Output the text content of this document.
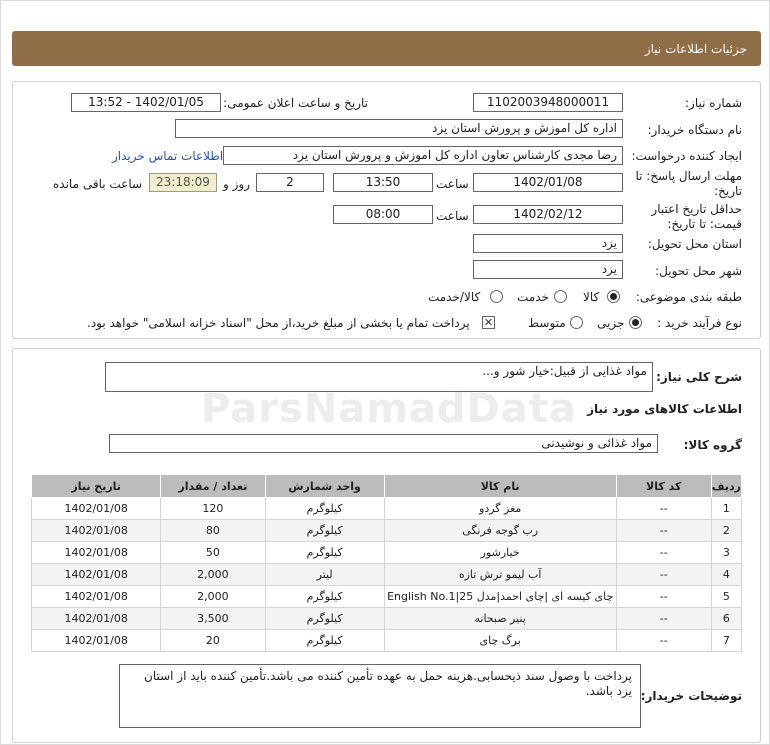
جزئیات اطلاعات نیاز
شماره نیاز:
1102003948000011
تاریخ و ساعت اعلان عمومی:
1402/01/05 - 13:52
نام دستگاه خریدار:
اداره کل اموزش و پرورش استان یزد
ایجاد کننده درخواست:
رضا مجدی کارشناس تعاون اداره کل اموزش و پرورش استان یزد
اطلاعات تماس خریدار
مهلت ارسال پاسخ: تا
تاریخ:
1402/01/08
ساعت
13:50
2
روز و
23:18:09
ساعت باقی مانده
حداقل تاریخ اعتبار
قیمت: تا تاریخ:
1402/02/12
ساعت
08:00
استان محل تحویل:
یزد
شهر محل تحویل:
یزد
طبقه بندی موضوعی:
کالا
خدمت
کالا/خدمت
نوع فرآیند خرید :
جزیی
متوسط
✕
پرداخت تمام یا بخشی از مبلغ خرید،از محل "اسناد خزانه اسلامی" خواهد بود.
شرح کلی نیاز:
مواد غذایی از قبیل:خیار شور و...
اطلاعات کالاهای مورد نیاز
گروه کالا:
مواد غذائی و نوشیدنی
ردیف	کد کالا	نام کالا	واحد شمارش	تعداد / مقدار	تاریخ نیاز
1	--	مغز گردو	کیلوگرم	120	1402/01/08
2	--	رب گوجه فرنگی	کیلوگرم	80	1402/01/08
3	--	خیارشور	کیلوگرم	50	1402/01/08
4	--	آب لیمو ترش تازه	لیتر	2,000	1402/01/08
5	--	چای کیسه ای |چای احمد|مدل English No.1|25	کیلوگرم	2,000	1402/01/08
6	--	پنیر صبحانه	کیلوگرم	3,500	1402/01/08
7	--	برگ چای	کیلوگرم	20	1402/01/08
توضیحات خریدار:
پرداخت با وصول سند ذیحسابی.هزینه حمل به عهده تأمین کننده می باشد.تأمین کننده باید از استان یزد باشد.
